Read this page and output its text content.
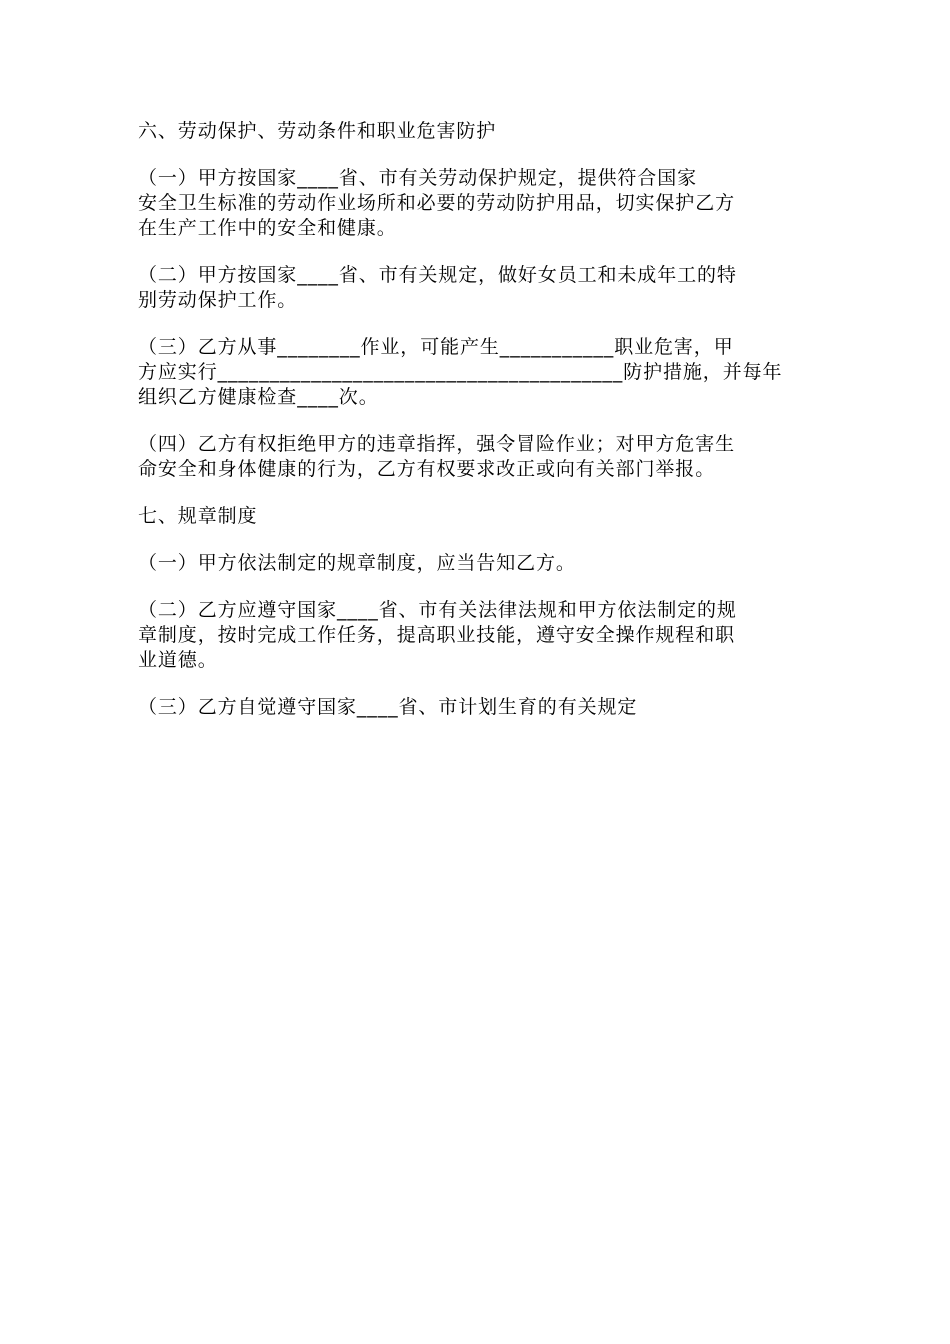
六、劳动保护、劳动条件和职业危害防护
（一）甲方按国家____省、市有关劳动保护规定，提供符合国家
安全卫生标准的劳动作业场所和必要的劳动防护用品，切实保护乙方
在生产工作中的安全和健康。
（二）甲方按国家____省、市有关规定，做好女员工和未成年工的特
别劳动保护工作。
（三）乙方从事________作业，可能产生___________职业危害，甲
方应实行_______________________________________防护措施，并每年
组织乙方健康检查____次。
（四）乙方有权拒绝甲方的违章指挥，强令冒险作业；对甲方危害生
命安全和身体健康的行为，乙方有权要求改正或向有关部门举报。
七、规章制度
（一）甲方依法制定的规章制度，应当告知乙方。
（二）乙方应遵守国家____省、市有关法律法规和甲方依法制定的规
章制度，按时完成工作任务，提高职业技能，遵守安全操作规程和职
业道德。
（三）乙方自觉遵守国家____省、市计划生育的有关规定
